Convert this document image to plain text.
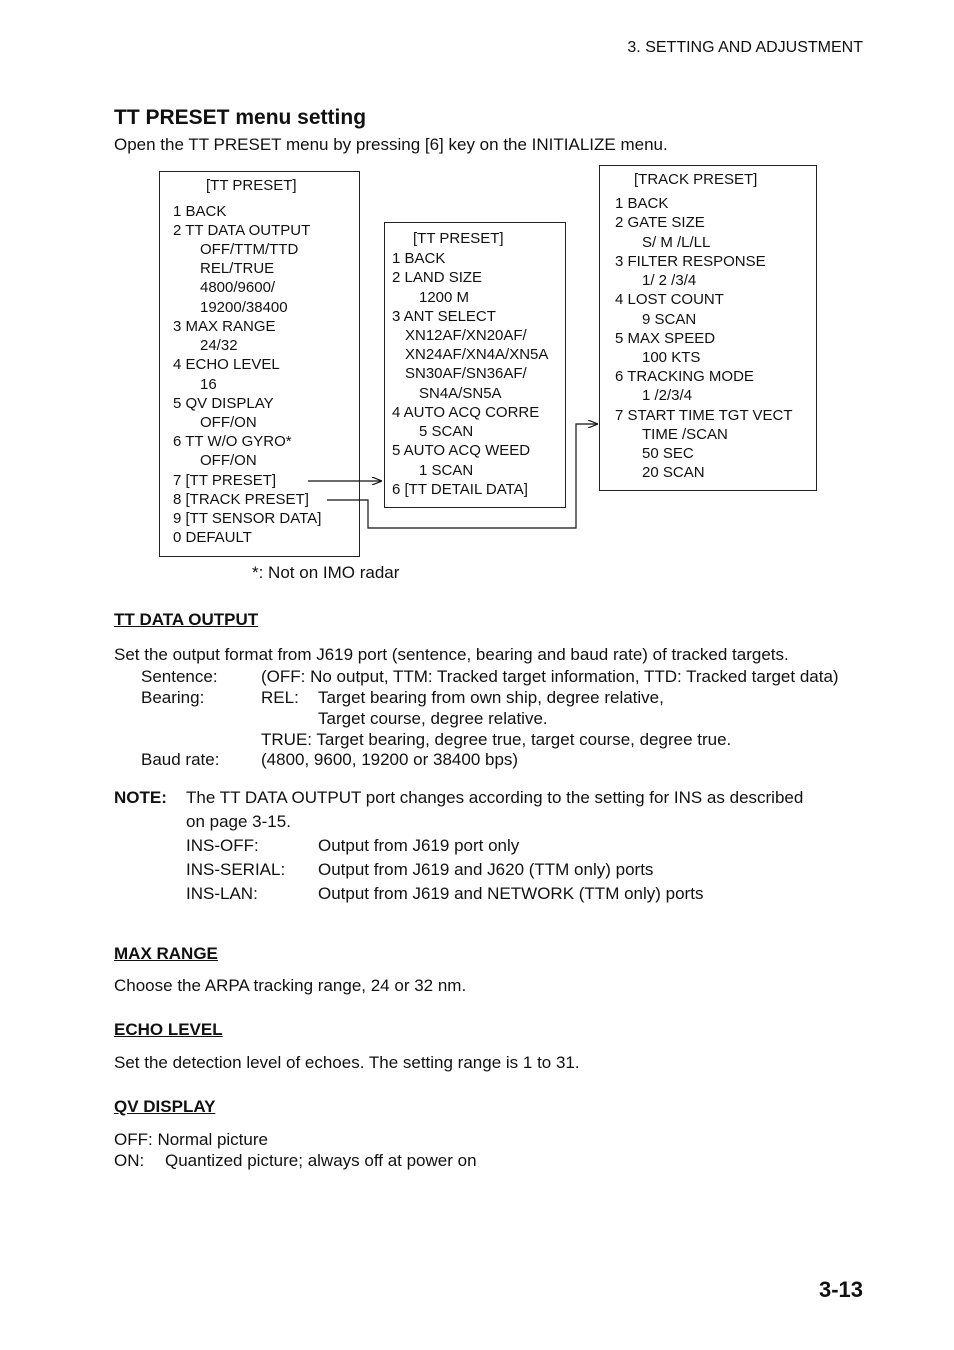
3. SETTING AND ADJUSTMENT
TT PRESET menu setting
Open the TT PRESET menu by pressing [6] key on the INITIALIZE menu.
[TT PRESET]
1 BACK
2 TT DATA OUTPUT
OFF/TTM/TTD
REL/TRUE
4800/9600/
19200/38400
3 MAX RANGE
24/32
4 ECHO LEVEL
16
5 QV DISPLAY
OFF/ON
6 TT W/O GYRO*
OFF/ON
7 [TT PRESET]
8 [TRACK PRESET]
9 [TT SENSOR DATA]
0 DEFAULT
[TT PRESET]
1 BACK
2 LAND SIZE
1200 M
3 ANT SELECT
XN12AF/XN20AF/
XN24AF/XN4A/XN5A
SN30AF/SN36AF/
SN4A/SN5A
4 AUTO ACQ CORRE
5 SCAN
5 AUTO ACQ WEED
1 SCAN
6 [TT DETAIL DATA]
[TRACK PRESET]
1 BACK
2 GATE SIZE
S/ M /L/LL
3 FILTER RESPONSE
1/ 2 /3/4
4 LOST COUNT
9 SCAN
5 MAX SPEED
100 KTS
6 TRACKING MODE
1 /2/3/4
7 START TIME TGT VECT
TIME /SCAN
50 SEC
20 SCAN
*: Not on IMO radar
TT DATA OUTPUT
Set the output format from J619 port (sentence, bearing and baud rate) of tracked targets.
Sentence:	(OFF: No output, TTM: Tracked target information, TTD: Tracked target data)
Bearing:	REL: Target bearing from own ship, degree relative,
Target course, degree relative.
TRUE: Target bearing, degree true, target course, degree true.
Baud rate: (4800, 9600, 19200 or 38400 bps)
NOTE: The TT DATA OUTPUT port changes according to the setting for INS as described
on page 3-15.
INS-OFF:	Output from J619 port only
INS-SERIAL: Output from J619 and J620 (TTM only) ports
INS-LAN:	Output from J619 and NETWORK (TTM only) ports
MAX RANGE
Choose the ARPA tracking range, 24 or 32 nm.
ECHO LEVEL
Set the detection level of echoes. The setting range is 1 to 31.
QV DISPLAY
OFF: Normal picture
ON: Quantized picture; always off at power on
3-13
